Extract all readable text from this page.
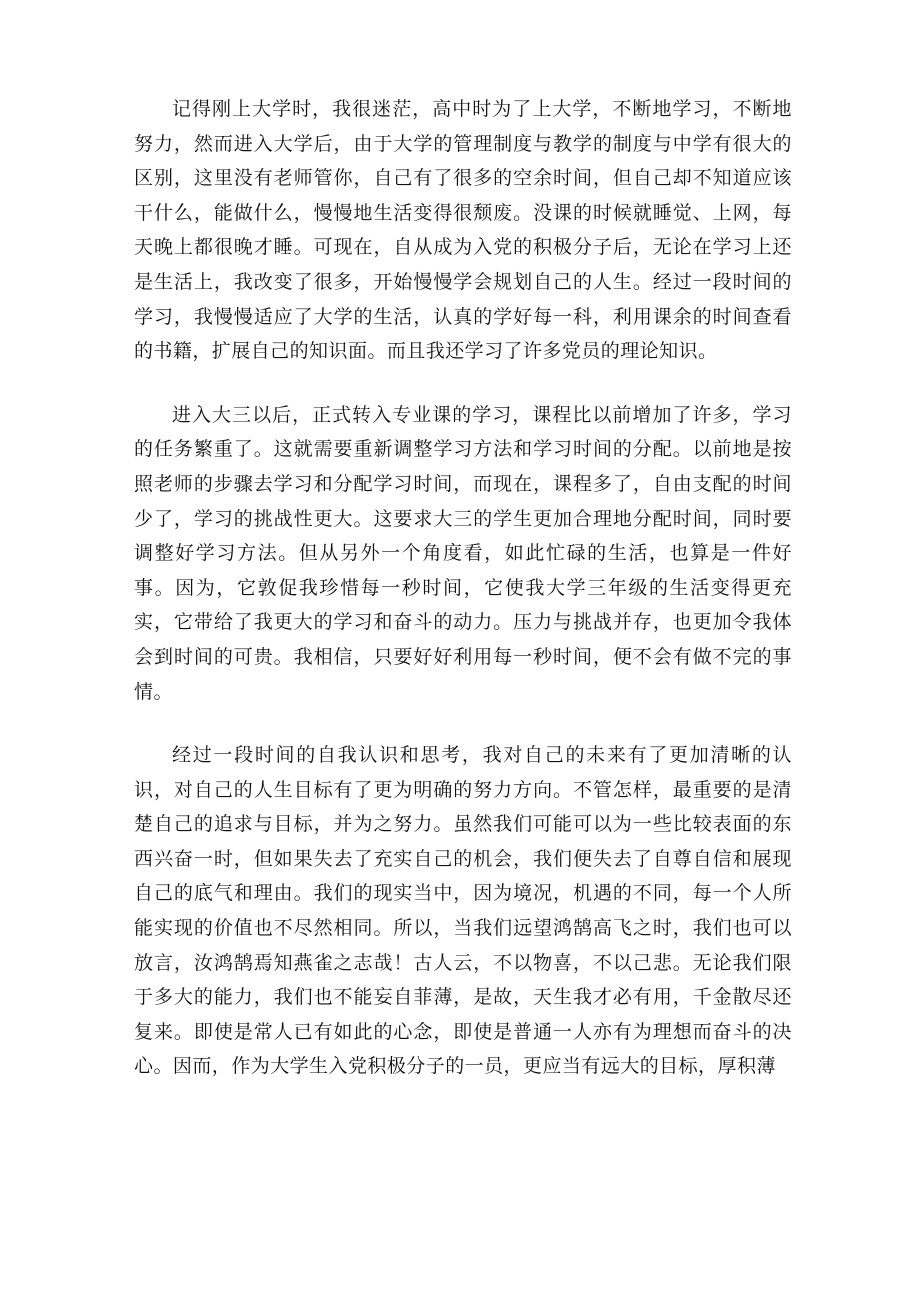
记得刚上大学时，我很迷茫，高中时为了上大学，不断地学习，不断地努力，然而进入大学后，由于大学的管理制度与教学的制度与中学有很大的区别，这里没有老师管你，自己有了很多的空余时间，但自己却不知道应该干什么，能做什么，慢慢地生活变得很颓废。没课的时候就睡觉、上网，每天晚上都很晚才睡。可现在，自从成为入党的积极分子后，无论在学习上还是生活上，我改变了很多，开始慢慢学会规划自己的人生。经过一段时间的学习，我慢慢适应了大学的生活，认真的学好每一科，利用课余的时间查看的书籍，扩展自己的知识面。而且我还学习了许多党员的理论知识。

进入大三以后，正式转入专业课的学习，课程比以前增加了许多，学习的任务繁重了。这就需要重新调整学习方法和学习时间的分配。以前地是按照老师的步骤去学习和分配学习时间，而现在，课程多了，自由支配的时间少了，学习的挑战性更大。这要求大三的学生更加合理地分配时间，同时要调整好学习方法。但从另外一个角度看，如此忙碌的生活，也算是一件好事。因为，它敦促我珍惜每一秒时间，它使我大学三年级的生活变得更充实，它带给了我更大的学习和奋斗的动力。压力与挑战并存，也更加令我体会到时间的可贵。我相信，只要好好利用每一秒时间，便不会有做不完的事情。

经过一段时间的自我认识和思考，我对自己的未来有了更加清晰的认识，对自己的人生目标有了更为明确的努力方向。不管怎样，最重要的是清楚自己的追求与目标，并为之努力。虽然我们可能可以为一些比较表面的东西兴奋一时，但如果失去了充实自己的机会，我们便失去了自尊自信和展现自己的底气和理由。我们的现实当中，因为境况，机遇的不同，每一个人所能实现的价值也不尽然相同。所以，当我们远望鸿鹄高飞之时，我们也可以放言，汝鸿鹄焉知燕雀之志哉！古人云，不以物喜，不以己悲。无论我们限于多大的能力，我们也不能妄自菲薄，是故，天生我才必有用，千金散尽还复来。即使是常人已有如此的心念，即使是普通一人亦有为理想而奋斗的决心。因而，作为大学生入党积极分子的一员，更应当有远大的目标，厚积薄
